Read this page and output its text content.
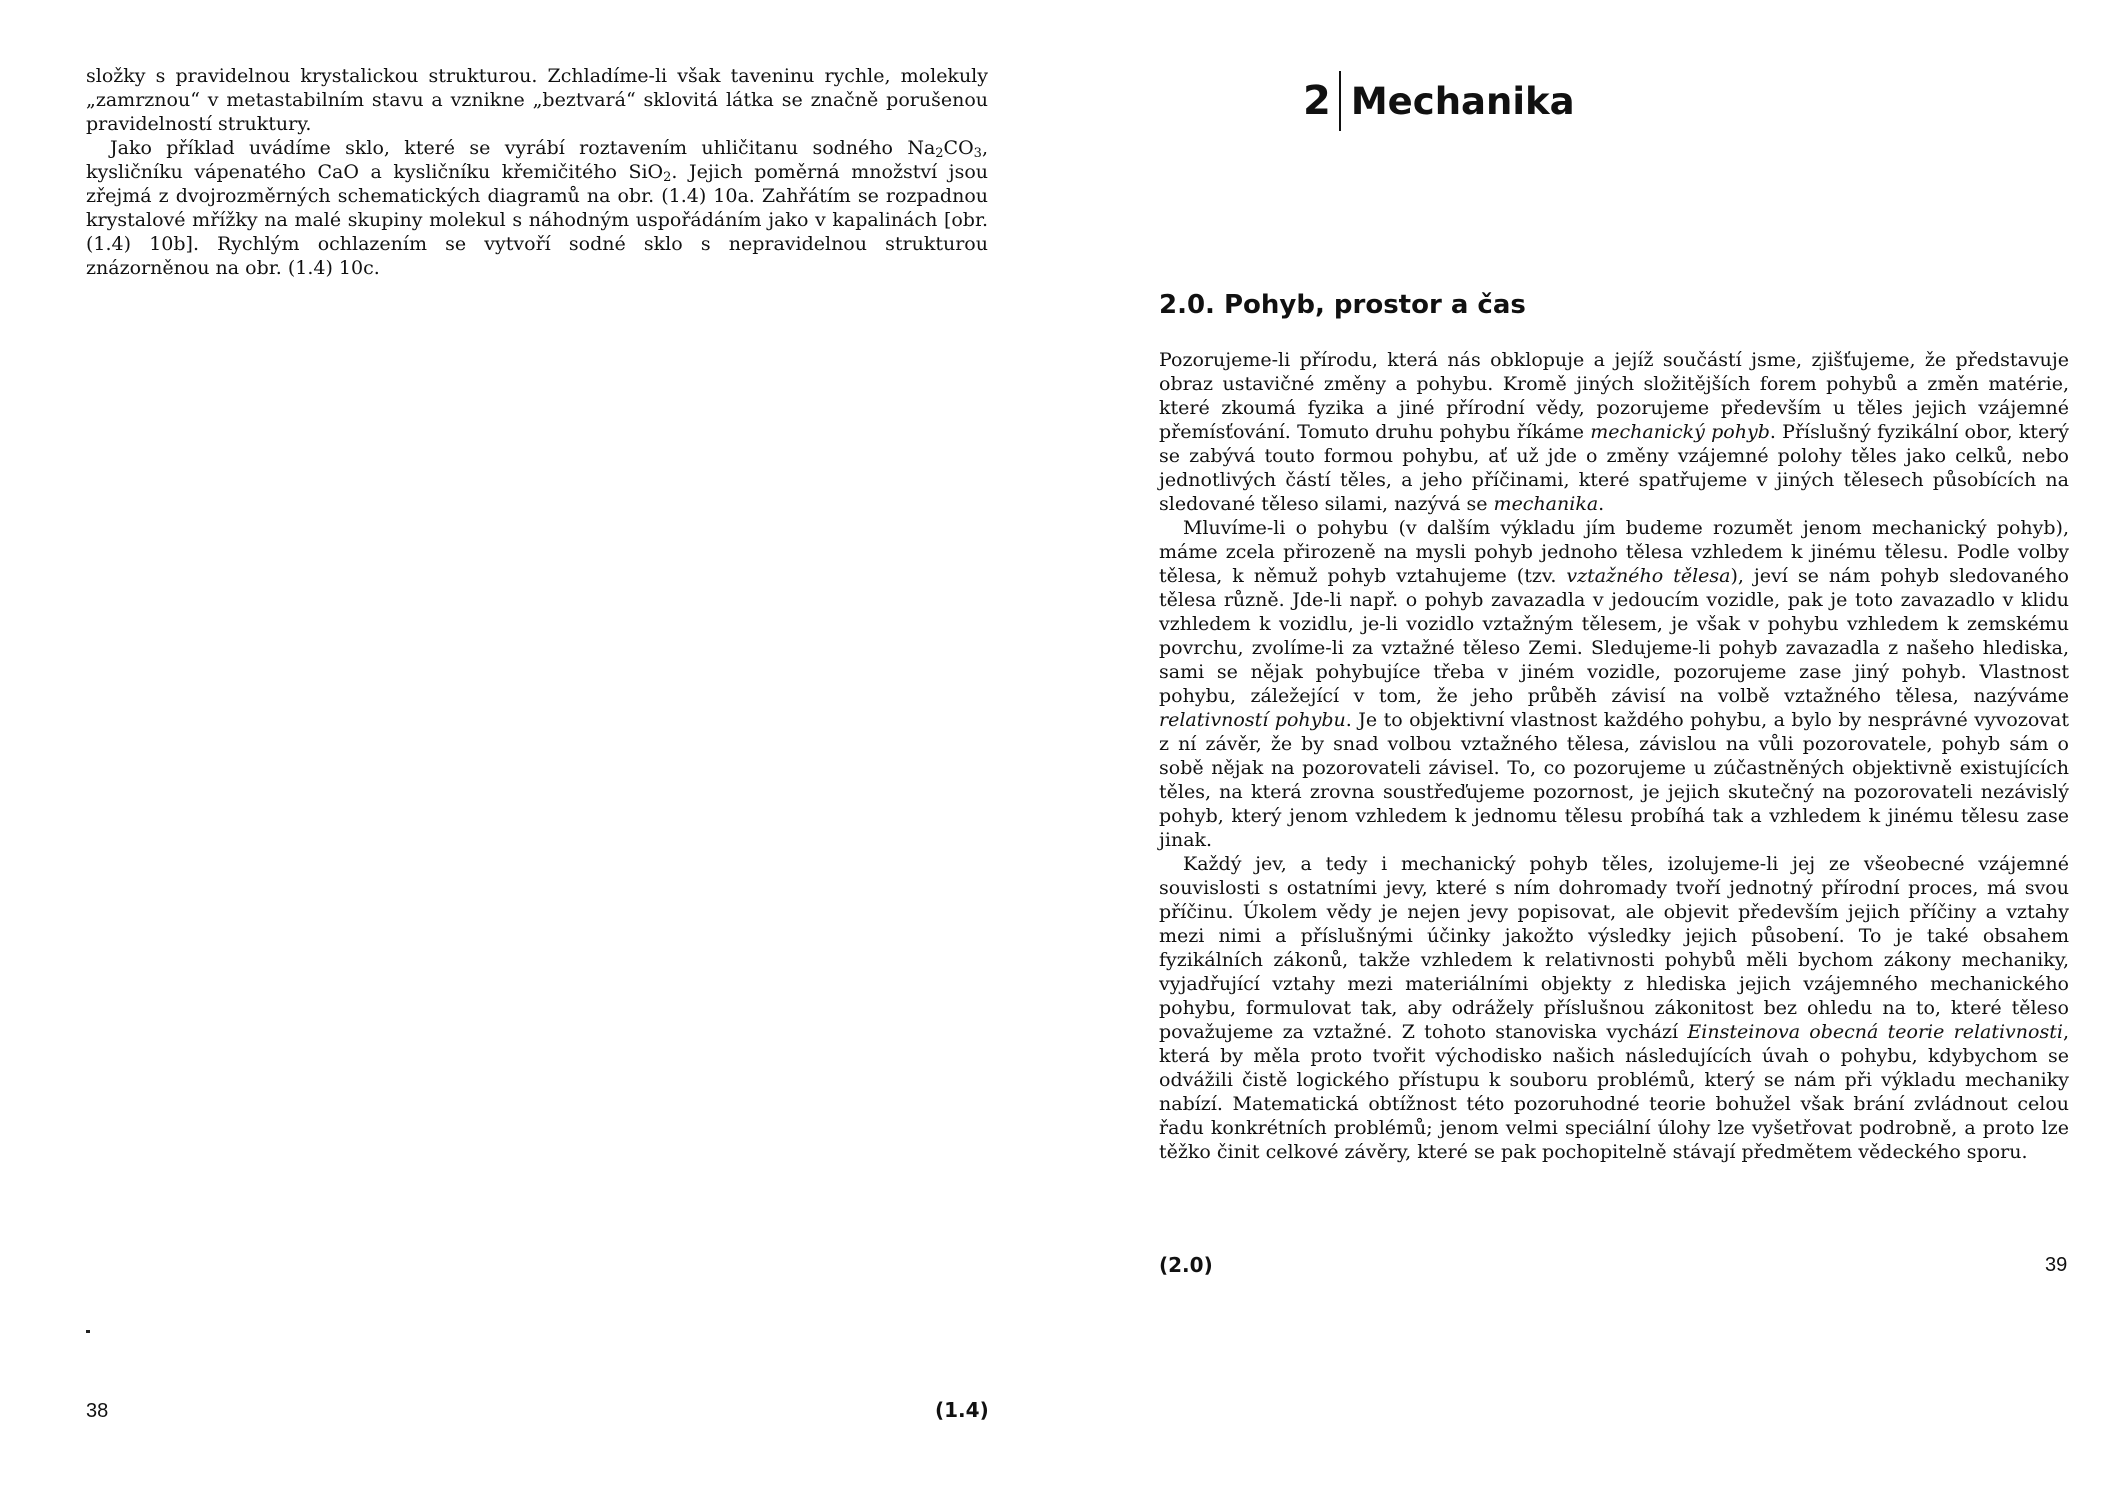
složky s pravidelnou krystalickou strukturou. Zchladíme-li však taveninu rychle, molekuly „zamrznou“ v metastabilním stavu a vznikne „beztvará“ sklovitá látka se značně porušenou pravidelností struktury.

Jako příklad uvádíme sklo, které se vyrábí roztavením uhličitanu sodného $Na_2CO_3$, kysličníku vápenatého CaO a kysličníku křemičitého SiO$_2$. Jejich poměrná množství jsou zřejmá z dvojrozměrných schematických diagramů na obr. (1.4) 10a. Zahřátím se rozpadnou krystalové mřížky na malé skupiny molekul s náhodným uspořádáním jako v kapalinách [obr. (1.4) 10b]. Rychlým ochlazením se vytvoří sodné sklo s nepravidelnou strukturou znázorněnou na obr. (1.4) 10c.

38	(1.4)
2 Mechanika
2.0. Pohyb, prostor a čas

Pozorujeme-li přírodu, která nás obklopuje a jejíž součástí jsme, zjišťujeme, že představuje obraz ustavičné změny a pohybu. Kromě jiných složitějších forem pohybů a změn matérie, které zkoumá fyzika a jiné přírodní vědy, pozorujeme především u těles jejich vzájemné přemísťování. Tomuto druhu pohybu říkáme mechanický pohyb. Příslušný fyzikální obor, který se zabývá touto formou pohybu, ať už jde o změny vzájemné polohy těles jako celků, nebo jednotlivých částí těles, a jeho příčinami, které spatřujeme v jiných tělesech působících na sledované těleso silami, nazývá se mechanika.

Mluvíme-li o pohybu (v dalším výkladu jím budeme rozumět jenom mechanický pohyb), máme zcela přirozeně na mysli pohyb jednoho tělesa vzhledem k jinému tělesu. Podle volby tělesa, k němuž pohyb vztahujeme (tzv. vztažného tělesa), jeví se nám pohyb sledovaného tělesa různě. Jde-li např. o pohyb zavazadla v jedoucím vozidle, pak je toto zavazadlo v klidu vzhledem k vozidlu, je-li vozidlo vztažným tělesem, je však v pohybu vzhledem k zemskému povrchu, zvolíme-li za vztažné těleso Zemi. Sledujeme-li pohyb zavazadla z našeho hlediska, sami se nějak pohybujíce třeba v jiném vozidle, pozorujeme zase jiný pohyb. Vlastnost pohybu, záležející v tom, že jeho průběh závisí na volbě vztažného tělesa, nazýváme relativností pohybu. Je to objektivní vlastnost každého pohybu, a bylo by nesprávné vyvozovat z ní závěr, že by snad volbou vztažného tělesa, závislou na vůli pozorovatele, pohyb sám o sobě nějak na pozorovateli závisel. To, co pozorujeme u zúčastněných objektivně existujících těles, na která zrovna soustřeďujeme pozornost, je jejich skutečný na pozorovateli nezávislý pohyb, který jenom vzhledem k jednomu tělesu probíhá tak a vzhledem k jinému tělesu zase jinak.

Každý jev, a tedy i mechanický pohyb těles, izolujeme-li jej ze všeobecné vzájemné souvislosti s ostatními jevy, které s ním dohromady tvoří jednotný přírodní proces, má svou příčinu. Úkolem vědy je nejen jevy popisovat, ale objevit především jejich příčiny a vztahy mezi nimi a příslušnými účinky jakožto výsledky jejich působení. To je také obsahem fyzikálních zákonů, takže vzhledem k relativnosti pohybů měli bychom zákony mechaniky, vyjadřující vztahy mezi materiálními objekty z hlediska jejich vzájemného mechanického pohybu, formulovat tak, aby odrážely příslušnou zákonitost bez ohledu na to, které těleso považujeme za vztažné. Z tohoto stanoviska vychází Einsteinova obecná teorie relativnosti, která by měla proto tvořit východisko našich následujících úvah o pohybu, kdybychom se odvážili čistě logického přístupu k souboru problémů, který se nám při výkladu mechaniky nabízí. Matematická obtížnost této pozoruhodné teorie bohužel však brání zvládnout celou řadu konkrétních problémů; jenom velmi speciální úlohy lze vyšetřovat podrobně, a proto lze těžko činit celkové závěry, které se pak pochopitelně stávají předmětem vědeckého sporu.

(2.0)	39
